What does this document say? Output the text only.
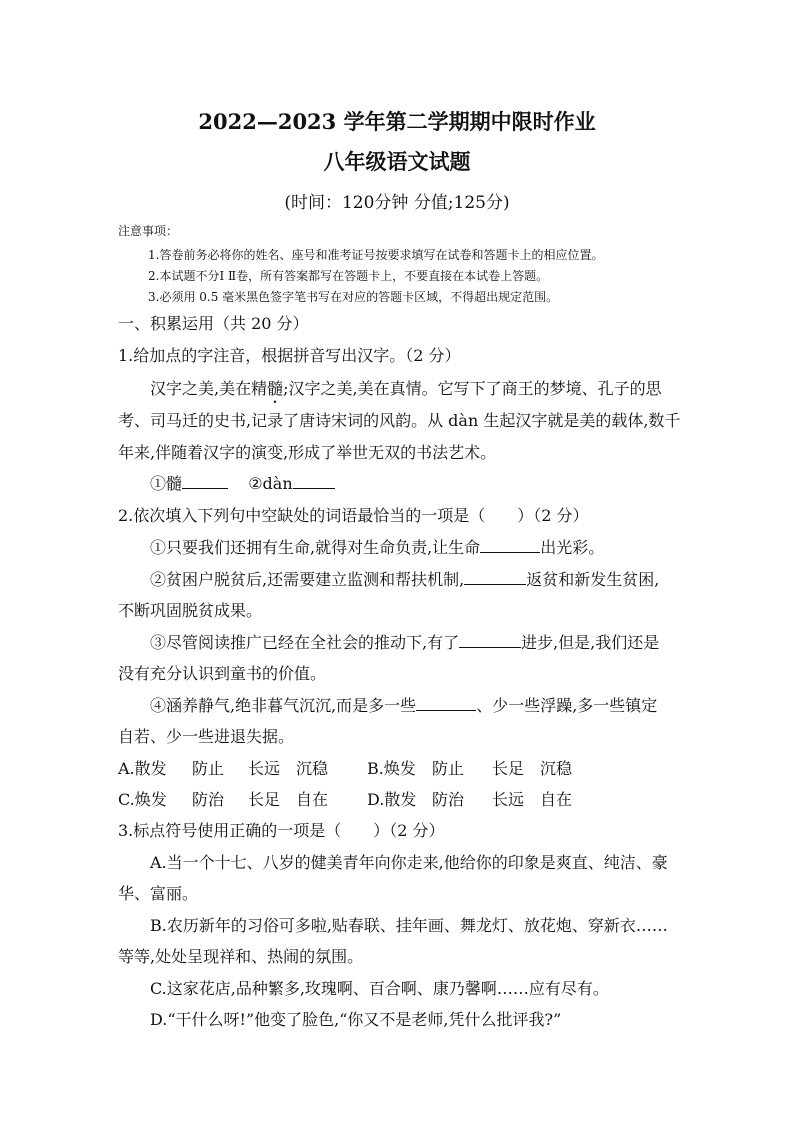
2022—2023 学年第二学期期中限时作业
八年级语文试题
(时间：120分钟 分值;125分)
注意事项：
1.答卷前务必将你的姓名、座号和准考证号按要求填写在试卷和答题卡上的相应位置。
2.本试题不分Ⅰ Ⅱ卷，所有答案都写在答题卡上，不要直接在本试卷上答题。
3.必须用 0.5 毫米黑色签字笔书写在对应的答题卡区域，不得超出规定范围。
一、积累运用（共 20 分）
1.给加点的字注音，根据拼音写出汉字。（2 分）
汉字之美,美在精髓;汉字之美,美在真情。它写下了商王的梦境、孔子的思
考、司马迁的史书,记录了唐诗宋词的风韵。从 dàn 生起汉字就是美的载体,数千
年来,伴随着汉字的演变,形成了举世无双的书法艺术。
①髓	②dàn
2.依次填入下列句中空缺处的词语最恰当的一项是（　　）（2 分）
①只要我们还拥有生命,就得对生命负责,让生命	出光彩。
②贫困户脱贫后,还需要建立监测和帮扶机制,	返贫和新发生贫困,
不断巩固脱贫成果。
③尽管阅读推广已经在全社会的推动下,有了	进步,但是,我们还是
没有充分认识到童书的价值。
④涵养静气,绝非暮气沉沉,而是多一些	、少一些浮躁,多一些镇定
自若、少一些进退失据。
A.散发 防止 长远 沉稳 B.焕发 防止 长足 沉稳
C.焕发 防治 长足 自在 D.散发 防治 长远 自在
3.标点符号使用正确的一项是（　　）（2 分）
A.当一个十七、八岁的健美青年向你走来,他给你的印象是爽直、纯洁、豪
华、富丽。
B.农历新年的习俗可多啦,贴春联、挂年画、舞龙灯、放花炮、穿新衣……
等等,处处呈现祥和、热闹的氛围。
C.这家花店,品种繁多,玫瑰啊、百合啊、康乃馨啊……应有尽有。
D.“干什么呀!”他变了脸色,“你又不是老师,凭什么批评我?”
